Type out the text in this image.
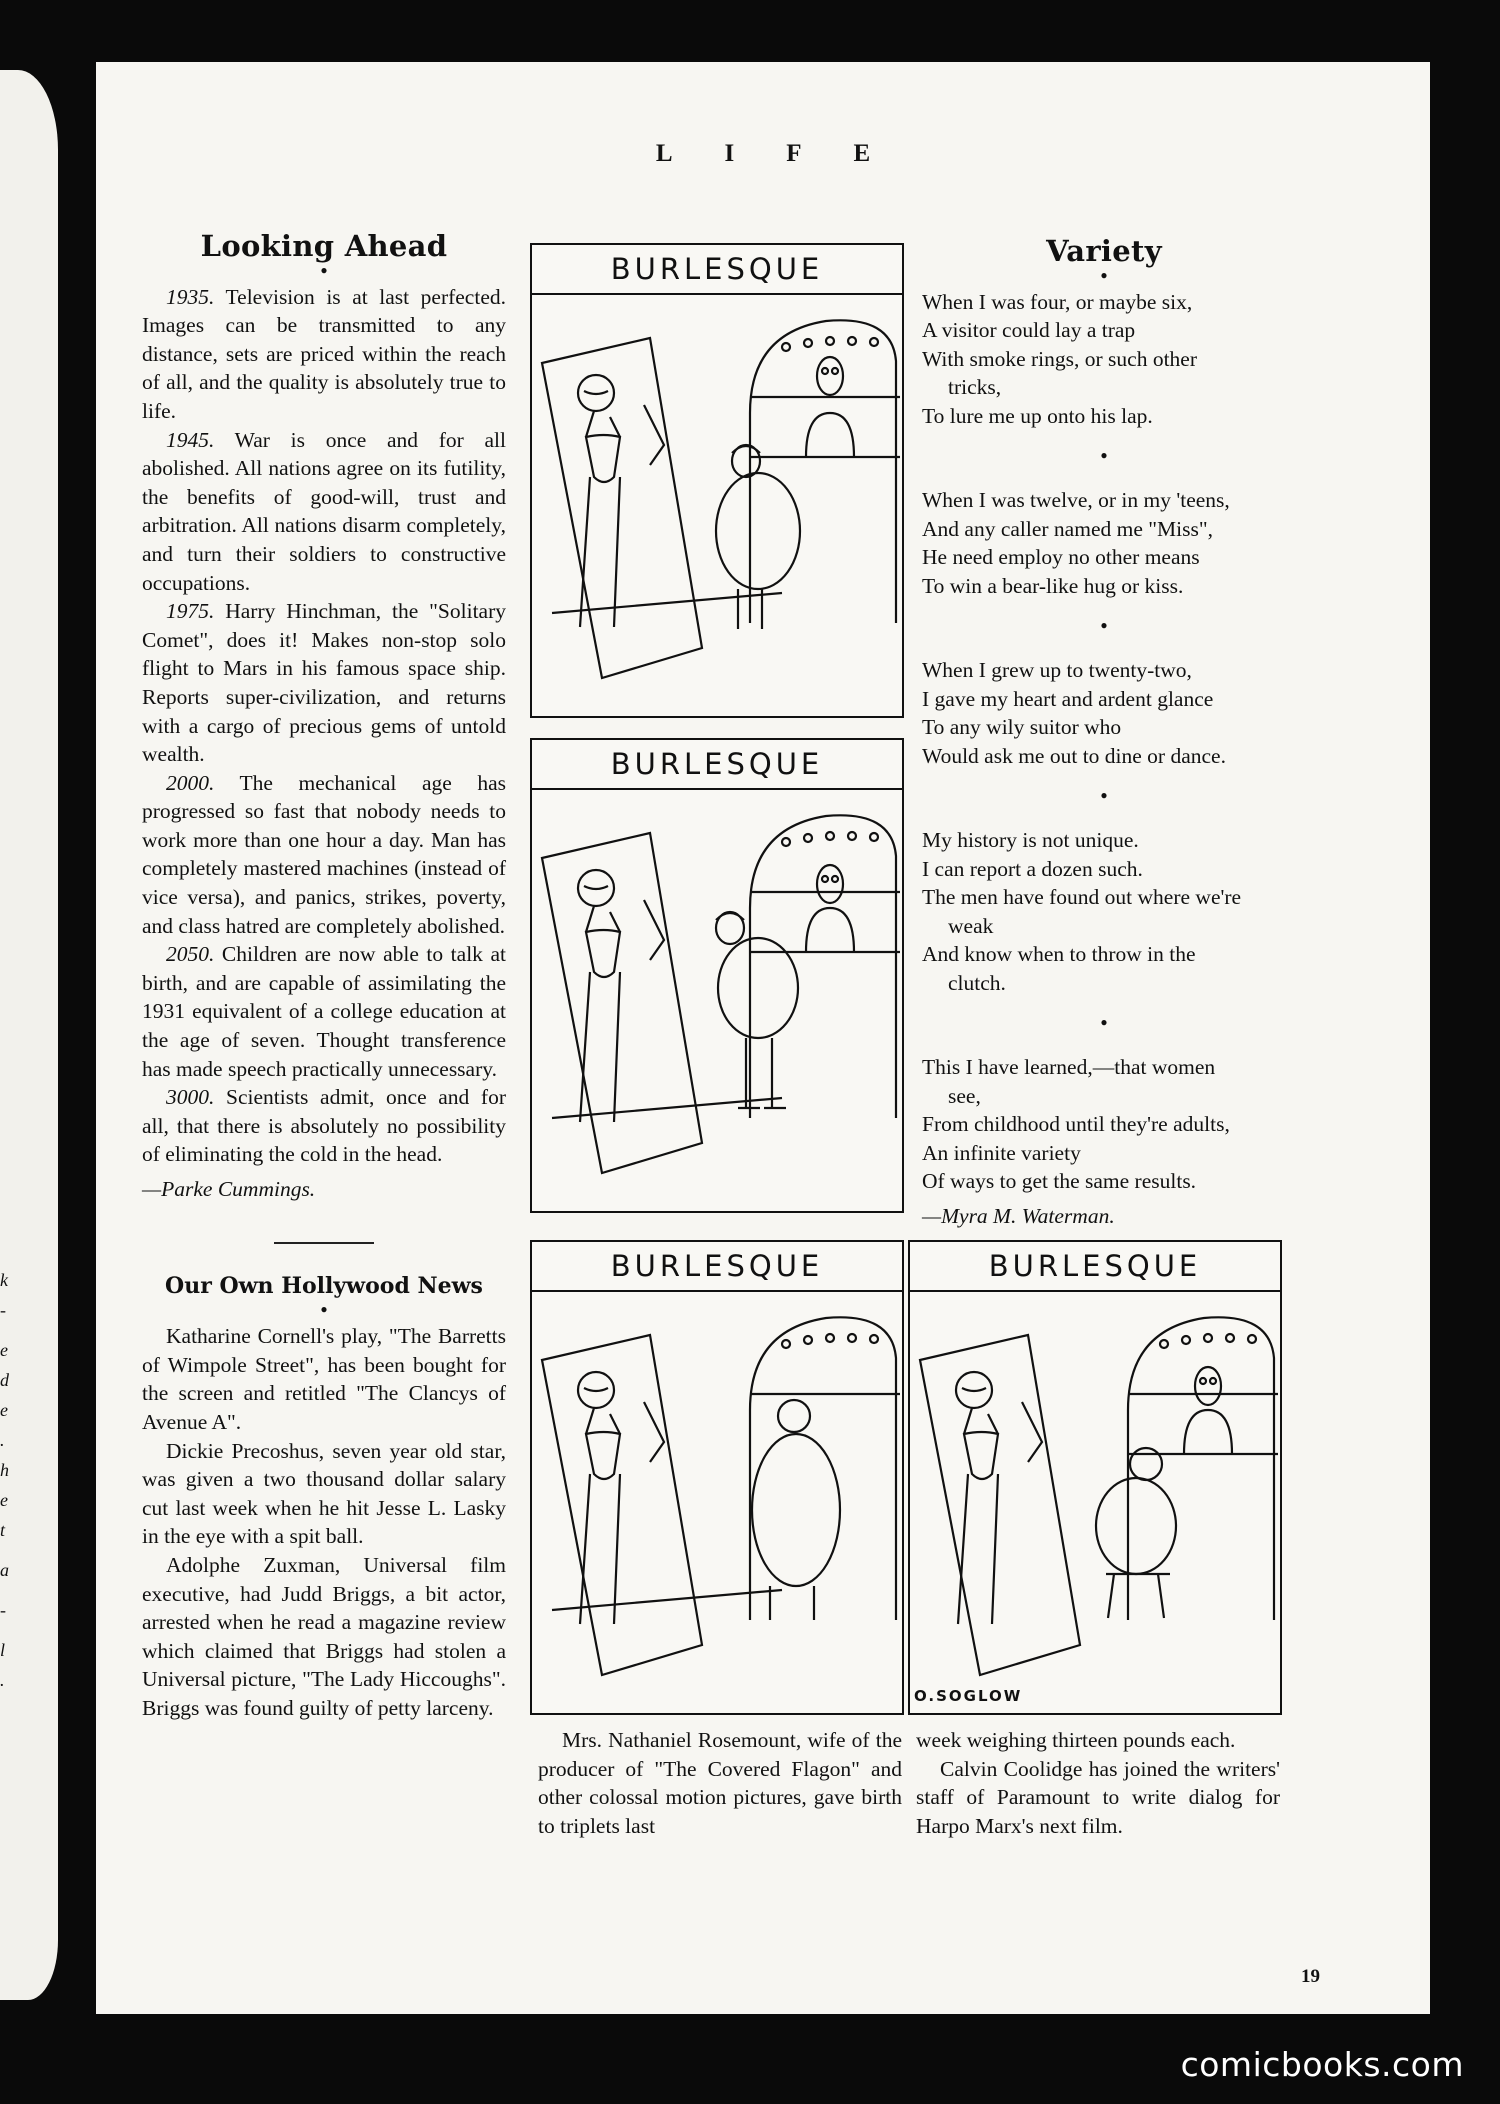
k
-
e
d
e
.
h
e
t
a
-
l
.
LIFE
Looking Ahead
●

1935. Television is at last perfected. Images can be transmitted to any distance, sets are priced within the reach of all, and the quality is absolutely true to life.

1945. War is once and for all abolished. All nations agree on its futility, the benefits of good-will, trust and arbitration. All nations disarm completely, and turn their soldiers to constructive occupations.

1975. Harry Hinchman, the "Solitary Comet", does it! Makes non-stop solo flight to Mars in his famous space ship. Reports super-civilization, and returns with a cargo of precious gems of untold wealth.

2000. The mechanical age has progressed so fast that nobody needs to work more than one hour a day. Man has completely mastered machines (instead of vice versa), and panics, strikes, poverty, and class hatred are completely abolished.

2050. Children are now able to talk at birth, and are capable of assimilating the 1931 equivalent of a college education at the age of seven. Thought transference has made speech practically unnecessary.

3000. Scientists admit, once and for all, that there is absolutely no possibility of eliminating the cold in the head.

—Parke Cummings.

Our Own Hollywood News
●

Katharine Cornell's play, "The Barretts of Wimpole Street", has been bought for the screen and retitled "The Clancys of Avenue A".

Dickie Precoshus, seven year old star, was given a two thousand dollar salary cut last week when he hit Jesse L. Lasky in the eye with a spit ball.

Adolphe Zuxman, Universal film executive, had Judd Briggs, a bit actor, arrested when he read a magazine review which claimed that Briggs had stolen a Universal picture, "The Lady Hiccoughs". Briggs was found guilty of petty larceny.

Variety
●
When I was four, or maybe six,
A visitor could lay a trap
With smoke rings, or such other
tricks,
To lure me up onto his lap.
●
When I was twelve, or in my 'teens,
And any caller named me "Miss",
He need employ no other means
To win a bear-like hug or kiss.
●
When I grew up to twenty-two,
I gave my heart and ardent glance
To any wily suitor who
Would ask me out to dine or dance.
●
My history is not unique.
I can report a dozen such.
The men have found out where we're
weak
And know when to throw in the
clutch.
●
This I have learned,—that women
see,
From childhood until they're adults,
An infinite variety
Of ways to get the same results.

—Myra M. Waterman.

BURLESQUE
BURLESQUE
BURLESQUE	BURLESQUE
O.SOGLOW

Mrs. Nathaniel Rosemount, wife of the producer of "The Covered Flagon" and other colossal motion pictures, gave birth to triplets last

week weighing thirteen pounds each.

Calvin Coolidge has joined the writers' staff of Paramount to write dialog for Harpo Marx's next film.

19
comicbooks.com
